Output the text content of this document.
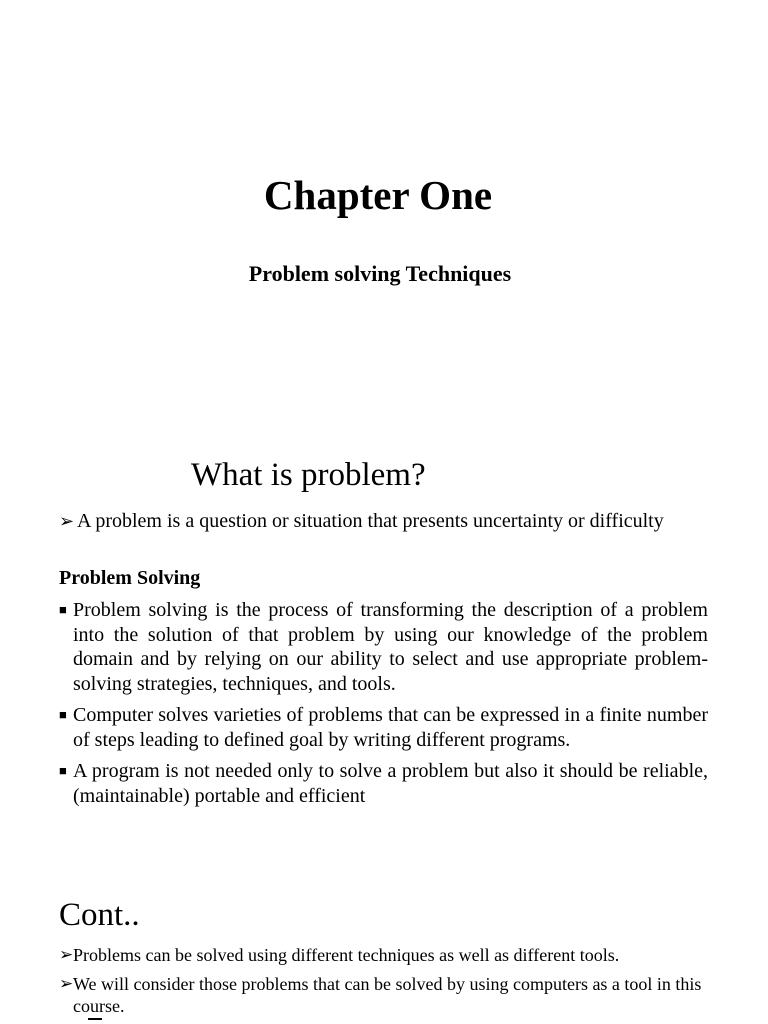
Chapter One
Problem solving Techniques
What is problem?
➢ A problem is a question or situation that presents uncertainty or difficulty
Problem Solving
■ Problem solving is the process of transforming the description of a problem into the solution of that problem by using our knowledge of the problem domain and by relying on our ability to select and use appropriate problem-solving strategies, techniques, and tools.
■ Computer solves varieties of problems that can be expressed in a finite number of steps leading to defined goal by writing different programs.
■ A program is not needed only to solve a problem but also it should be reliable, (maintainable) portable and efficient
Cont..
➢ Problems can be solved using different techniques as well as different tools.
➢ We will consider those problems that can be solved by using computers as a tool in this course.
